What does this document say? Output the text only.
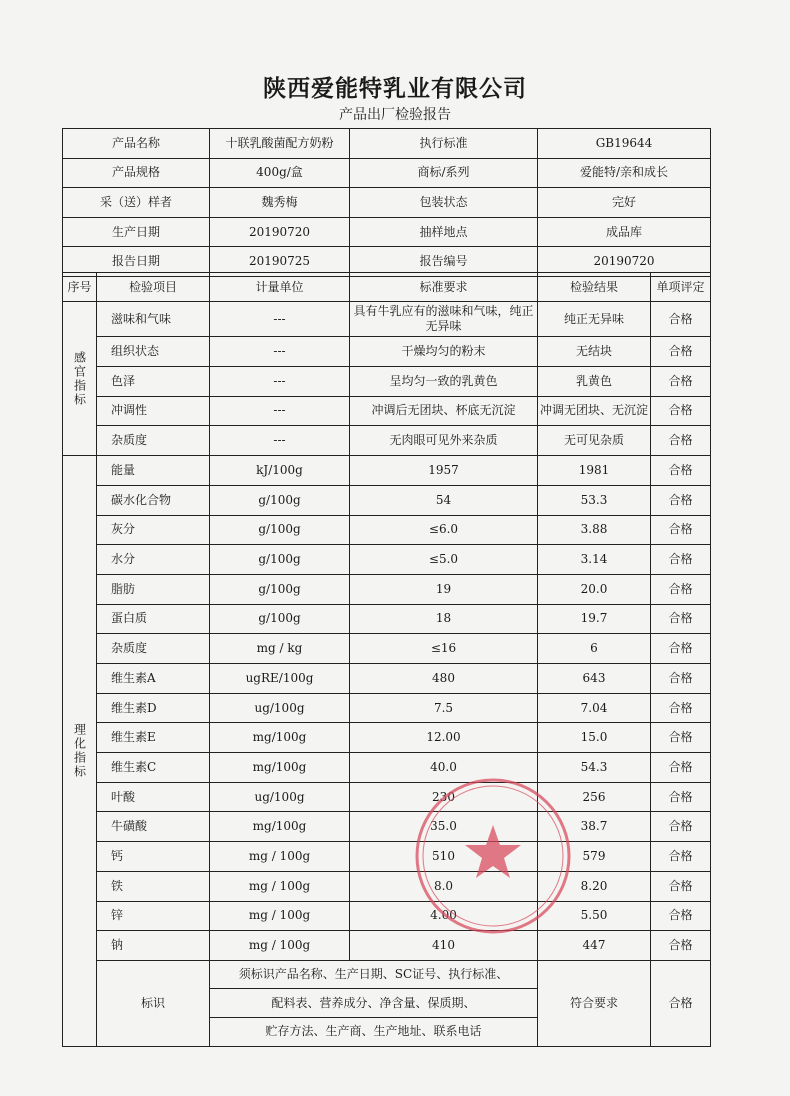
陕西爱能特乳业有限公司
产品出厂检验报告
产品名称	十联乳酸菌配方奶粉	执行标准	GB19644
产品规格	400g/盒	商标/系列	爱能特/亲和成长
采（送）样者	魏秀梅	包装状态	完好
生产日期	20190720	抽样地点	成品库
报告日期	20190725	报告编号	20190720
序号	检验项目	计量单位	标准要求	检验结果	单项评定
感官指标	滋味和气味	---	具有牛乳应有的滋味和气味，纯正无异味	纯正无异味	合格
	组织状态	---	干燥均匀的粉末	无结块	合格
	色泽	---	呈均匀一致的乳黄色	乳黄色	合格
	冲调性	---	冲调后无团块、杯底无沉淀	冲调无团块、无沉淀	合格
	杂质度	---	无肉眼可见外来杂质	无可见杂质	合格
理化指标	能量	kJ/100g	1957	1981	合格
	碳水化合物	g/100g	54	53.3	合格
	灰分	g/100g	≤6.0	3.88	合格
	水分	g/100g	≤5.0	3.14	合格
	脂肪	g/100g	19	20.0	合格
	蛋白质	g/100g	18	19.7	合格
	杂质度	mg / kg	≤16	6	合格
	维生素A	ugRE/100g	480	643	合格
	维生素D	ug/100g	7.5	7.04	合格
	维生素E	mg/100g	12.00	15.0	合格
	维生素C	mg/100g	40.0	54.3	合格
	叶酸	ug/100g	230	256	合格
	牛磺酸	mg/100g	35.0	38.7	合格
	钙	mg / 100g	510	579	合格
	铁	mg / 100g	8.0	8.20	合格
	锌	mg / 100g	4.00	5.50	合格
	钠	mg / 100g	410	447	合格
	标识	须标识产品名称、生产日期、SC证号、执行标准、		符合要求	合格
		配料表、营养成分、净含量、保质期、			
		贮存方法、生产商、生产地址、联系电话			
